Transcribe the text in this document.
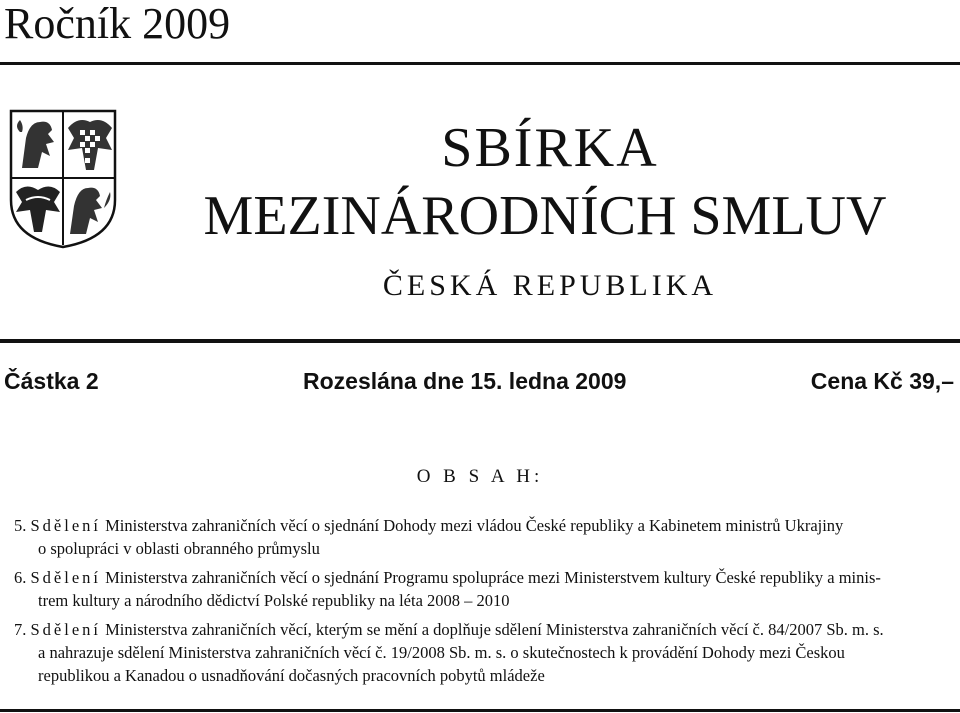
Ročník 2009
SBÍRKA
MEZINÁRODNÍCH SMLUV
ČESKÁ REPUBLIKA
Částka 2	Rozeslána dne 15. ledna 2009	Cena Kč 39,–
O B S A H:
5. Sdělení Ministerstva zahraničních věcí o sjednání Dohody mezi vládou České republiky a Kabinetem ministrů Ukrajiny
o spolupráci v oblasti obranného průmyslu
6. Sdělení Ministerstva zahraničních věcí o sjednání Programu spolupráce mezi Ministerstvem kultury České republiky a minis-
trem kultury a národního dědictví Polské republiky na léta 2008 – 2010
7. Sdělení Ministerstva zahraničních věcí, kterým se mění a doplňuje sdělení Ministerstva zahraničních věcí č. 84/2007 Sb. m. s.
a nahrazuje sdělení Ministerstva zahraničních věcí č. 19/2008 Sb. m. s. o skutečnostech k provádění Dohody mezi Českou
republikou a Kanadou o usnadňování dočasných pracovních pobytů mládeže
